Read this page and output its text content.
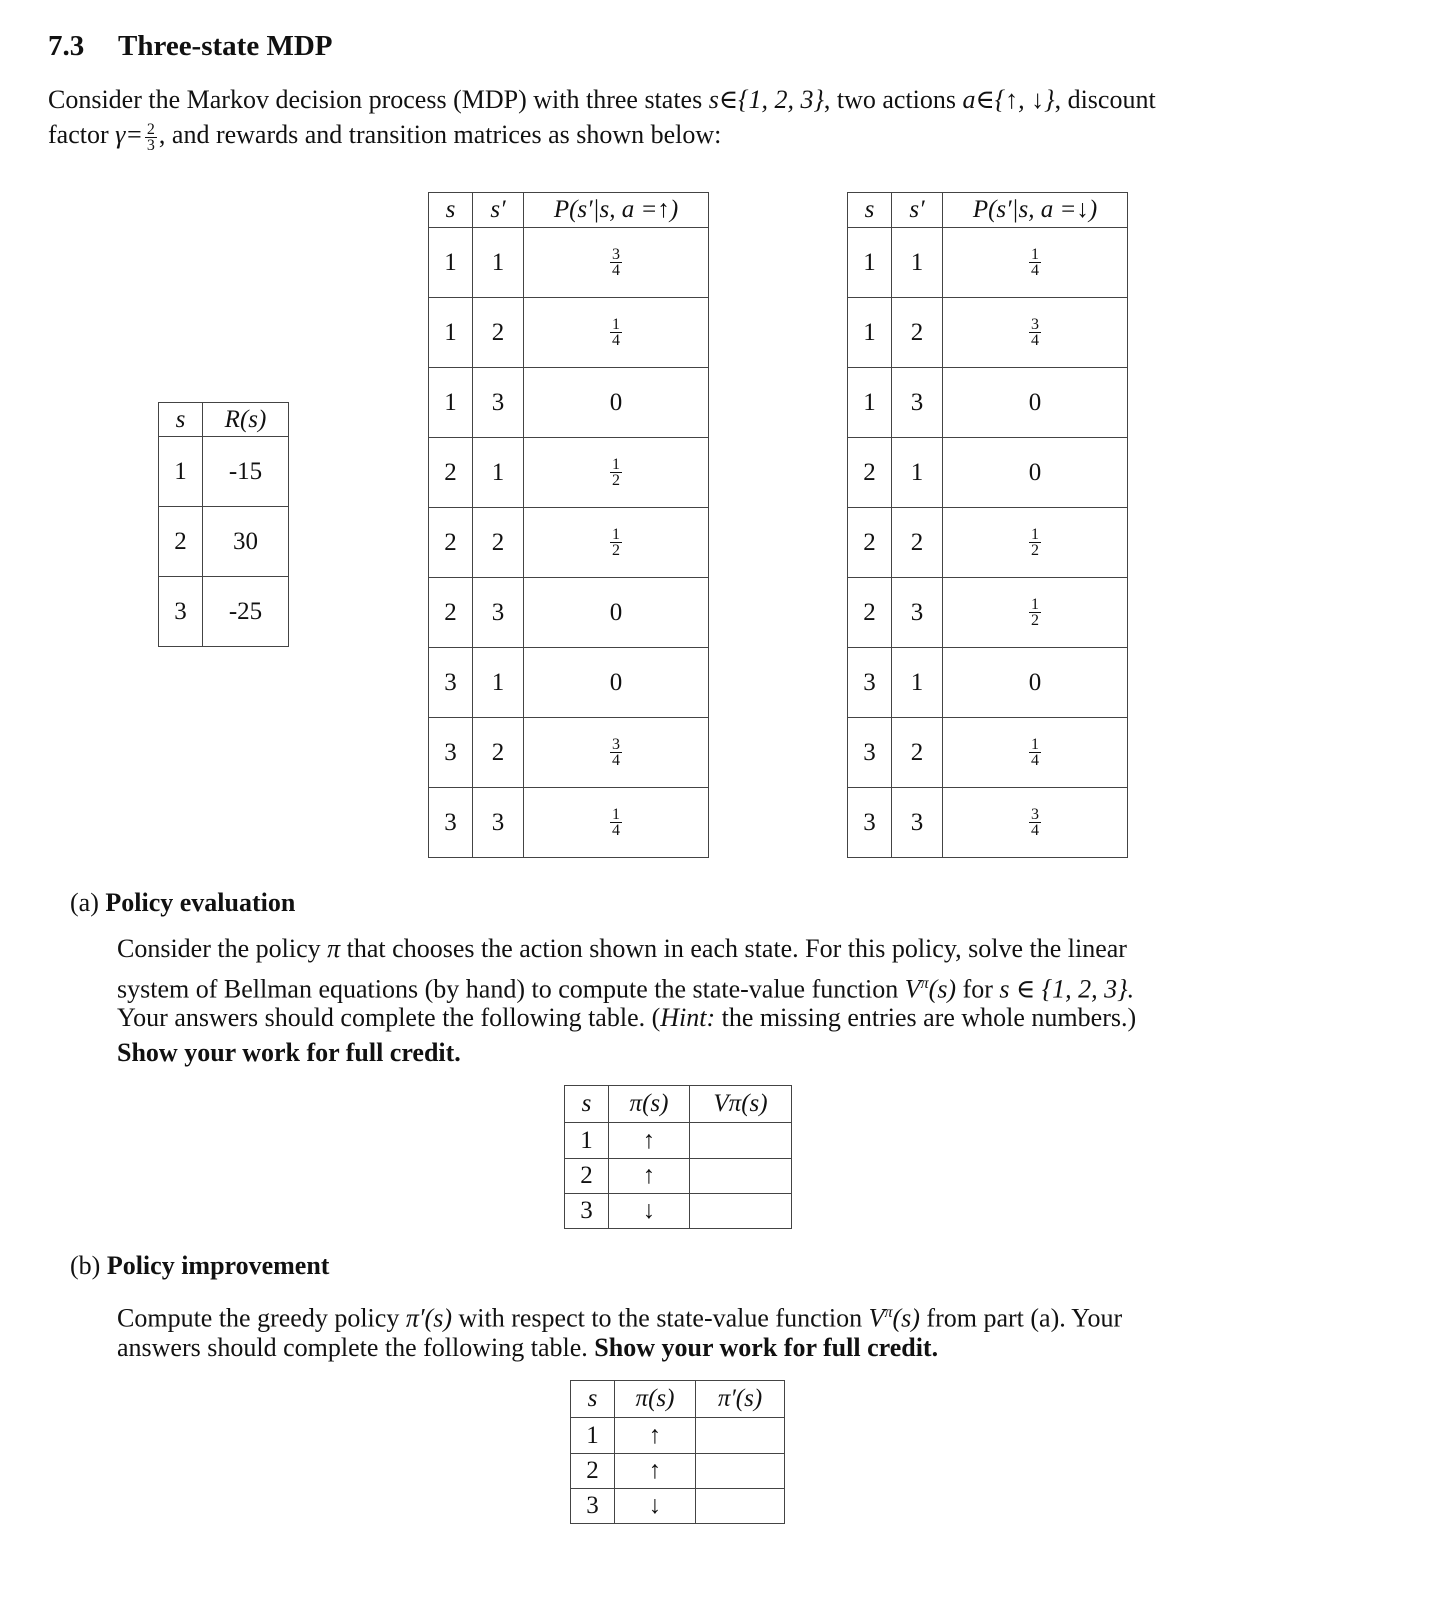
7.3 Three-state MDP
Consider the Markov decision process (MDP) with three states s∈{1, 2, 3}, two actions a∈{↑, ↓}, discount
factor $\gamma= \frac{2}{3}$ , and rewards and transition matrices as shown below:
s	R(s)
1	-15
2	30
3	-25
s	s′	P(s′|s, a =↑)
1	1	$\frac{3}{4}$

1	2	$\frac{1}{4}$

1	3	0
2	1	$\frac{1}{2}$

2	2	$\frac{1}{2}$

2	3	0
3	1	0
3	2	$\frac{3}{4}$

3	3	$\frac{1}{4}$
s	s′	P(s′|s, a =↓)
1	1	$\frac{1}{4}$

1	2	$\frac{3}{4}$

1	3	0
2	1	0
2	2	$\frac{1}{2}$

2	3	$\frac{1}{2}$

3	1	0
3	2	$\frac{1}{4}$

3	3	$\frac{3}{4}$
(a) Policy evaluation
Consider the policy π that chooses the action shown in each state. For this policy, solve the linear
system of Bellman equations (by hand) to compute the state-value function $V^\pi(s)$ for s ∈ {1, 2, 3}.
Your answers should complete the following table. (Hint: the missing entries are whole numbers.)
Show your work for full credit.
s	π(s)	Vπ(s)
1	↑	
2	↑	
3	↓	
(b) Policy improvement
Compute the greedy policy π′(s) with respect to the state-value function $V^\pi(s)$ from part (a). Your
answers should complete the following table. Show your work for full credit.
s	π(s)	π′(s)
1	↑	
2	↑	
3	↓	
